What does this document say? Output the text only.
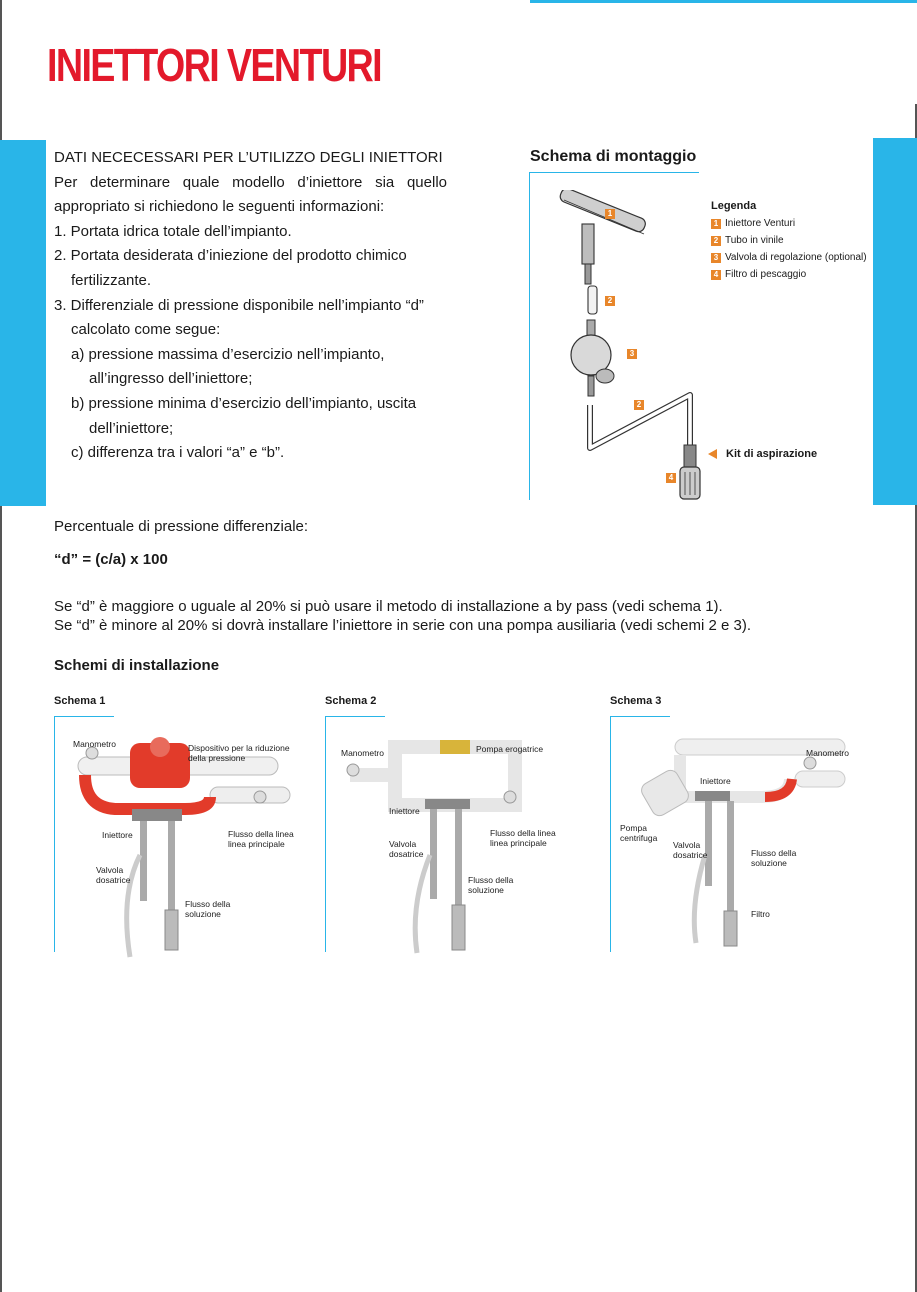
INIETTORI VENTURI

DATI NECECESSARI PER L’UTILIZZO DEGLI INIETTORI

Per determinare quale modello d’iniettore sia quello

appropriato si richiedono le seguenti informazioni:

1. Portata idrica totale dell’impianto.

2. Portata desiderata d’iniezione del prodotto chimico

fertilizzante.

3. Differenziale di pressione disponibile nell’impianto “d”

calcolato come segue:

a) pressione massima d’esercizio nell’impianto,

all’ingresso dell’iniettore;

b) pressione minima d’esercizio dell’impianto, uscita

dell’iniettore;

c) differenza tra i valori “a” e “b”.

Schema di montaggio
1
2
3
2
4
Legenda
1 Iniettore Venturi
2 Tubo in vinile
3 Valvola di regolazione (optional)
4 Filtro di pescaggio
Kit di aspirazione
Percentuale di pressione differenziale:
“d” = (c/a) x 100
Se “d” è maggiore o uguale al 20% si può usare il metodo di installazione a by pass (vedi schema 1).
Se “d” è minore al 20% si dovrà installare l’iniettore in serie con una pompa ausiliaria (vedi schemi 2 e 3).
Schemi di installazione
Schema 1
Manometro	Dispositivo per la riduzione
della pressione
Iniettore	Flusso della linea
linea principale
Valvola
dosatrice
Flusso della
soluzione
Schema 2
Manometro	Pompa erogatrice
Iniettore
Valvola
dosatrice
Flusso della linea
linea principale
Flusso della
soluzione
Schema 3
Manometro
Iniettore
Pompa
centrifuga
Valvola
dosatrice	Flusso della
soluzione
Filtro
